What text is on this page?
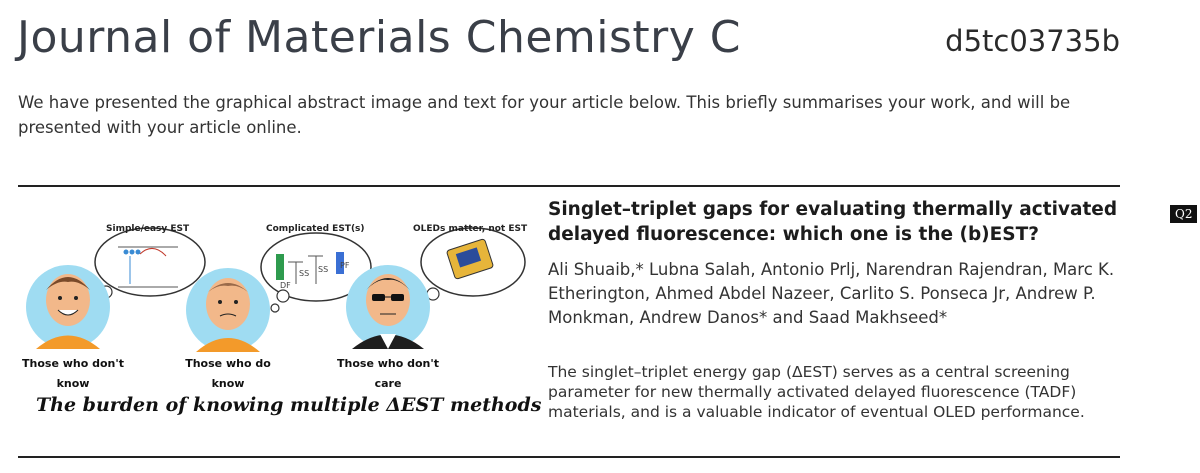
Journal of Materials Chemistry C	d5tc03735b
We have presented the graphical abstract image and text for your article below. This briefly summarises your work, and will be presented with your article online.
Q2
DF
SS SS PF
Simple/easy EST	Complicated EST(s)	OLEDs matter, not EST
Those who don't
know
Those who do
know
Those who don't
care
The burden of knowing multiple ΔEST methods
Singlet–triplet gaps for evaluating thermally activated delayed fluorescence: which one is the (b)EST?
Ali Shuaib,* Lubna Salah, Antonio Prlj, Narendran Rajendran, Marc K. Etherington, Ahmed Abdel Nazeer, Carlito S. Ponseca Jr, Andrew P. Monkman, Andrew Danos* and Saad Makhseed*
The singlet–triplet energy gap (ΔEST) serves as a central screening parameter for new thermally activated delayed fluorescence (TADF) materials, and is a valuable indicator of eventual OLED performance.
